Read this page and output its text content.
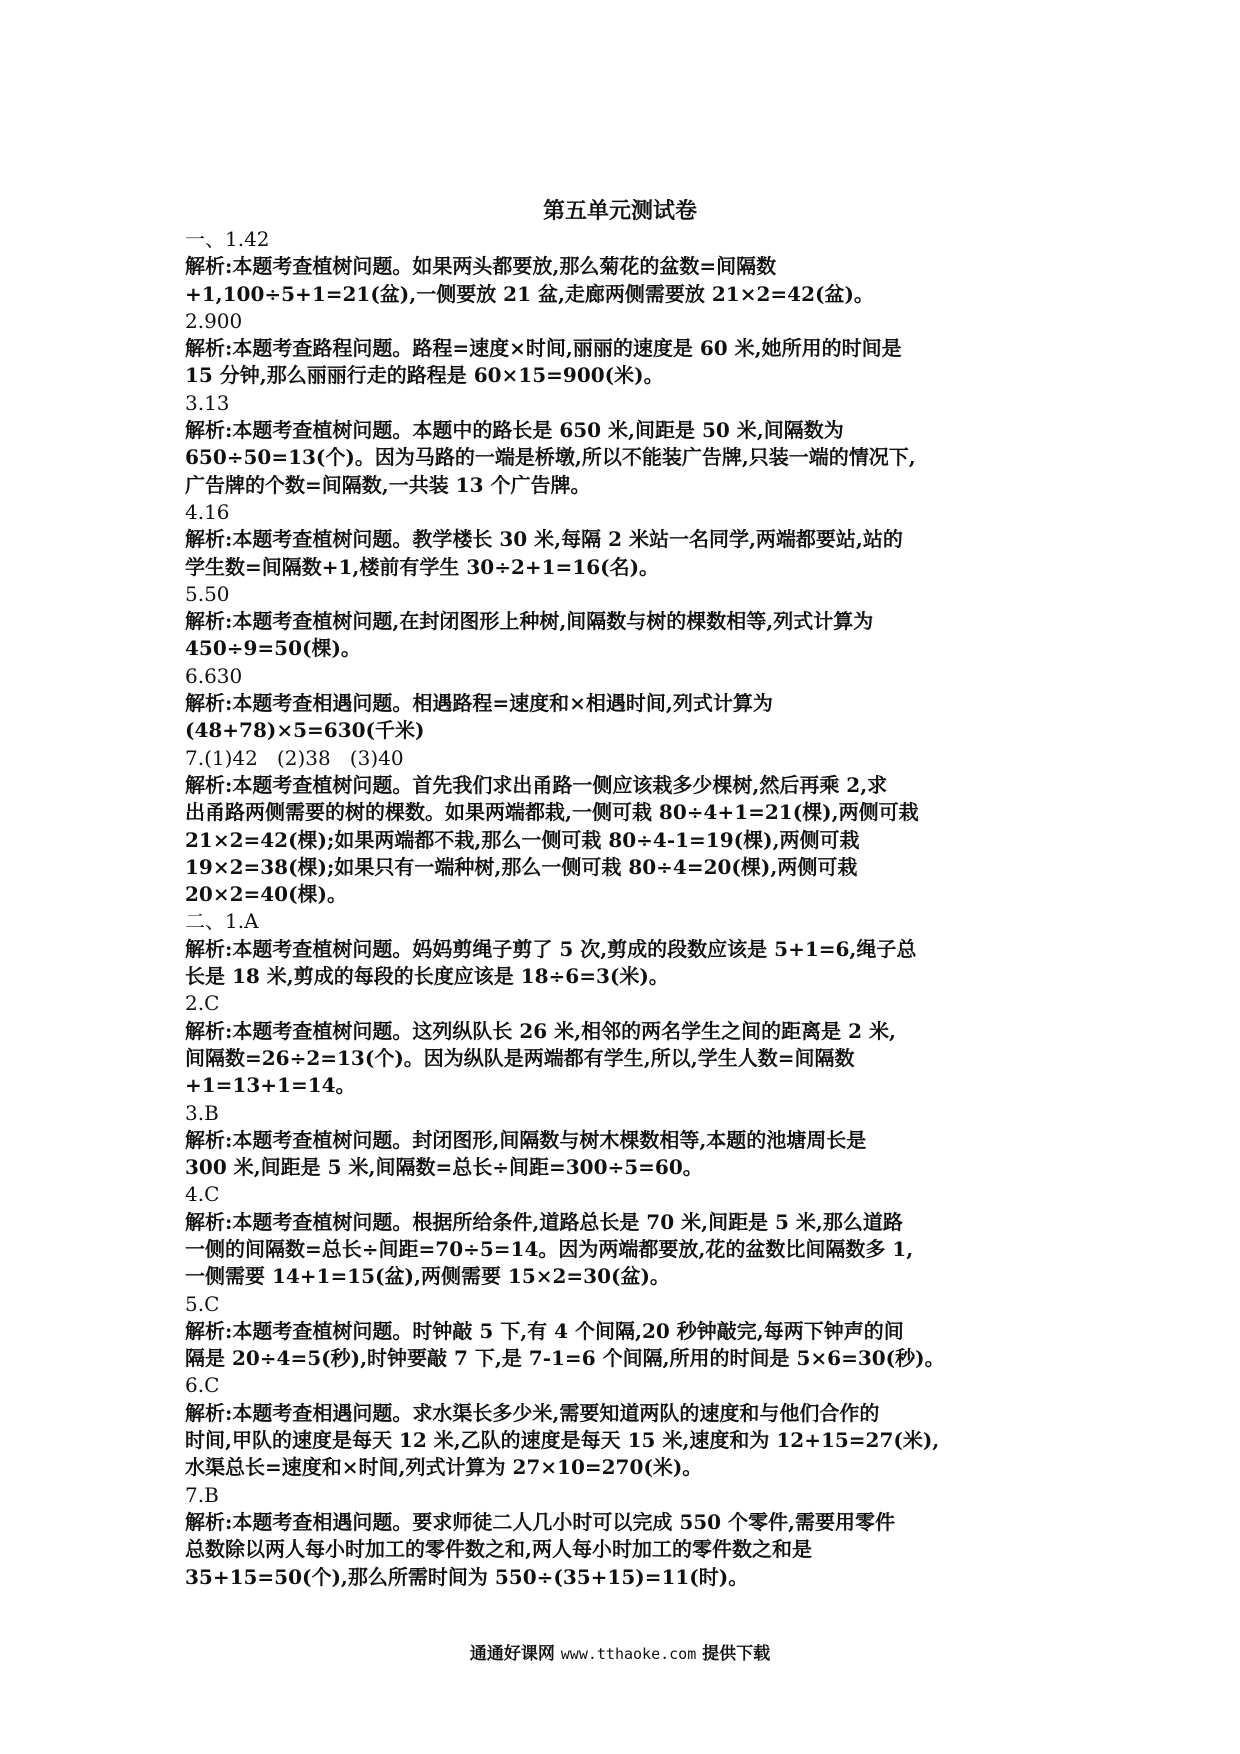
第五单元测试卷
一、1.42
解析:本题考查植树问题。如果两头都要放,那么菊花的盆数=间隔数
+1,100÷5+1=21(盆),一侧要放 21 盆,走廊两侧需要放 21×2=42(盆)。
2.900
解析:本题考查路程问题。路程=速度×时间,丽丽的速度是 60 米,她所用的时间是
15 分钟,那么丽丽行走的路程是 60×15=900(米)。
3.13
解析:本题考查植树问题。本题中的路长是 650 米,间距是 50 米,间隔数为
650÷50=13(个)。因为马路的一端是桥墩,所以不能装广告牌,只装一端的情况下,
广告牌的个数=间隔数,一共装 13 个广告牌。
4.16
解析:本题考查植树问题。教学楼长 30 米,每隔 2 米站一名同学,两端都要站,站的
学生数=间隔数+1,楼前有学生 30÷2+1=16(名)。
5.50
解析:本题考查植树问题,在封闭图形上种树,间隔数与树的棵数相等,列式计算为
450÷9=50(棵)。
6.630
解析:本题考查相遇问题。相遇路程=速度和×相遇时间,列式计算为
(48+78)×5=630(千米)
7.(1)42   (2)38   (3)40
解析:本题考查植树问题。首先我们求出甬路一侧应该栽多少棵树,然后再乘 2,求
出甬路两侧需要的树的棵数。如果两端都栽,一侧可栽 80÷4+1=21(棵),两侧可栽
21×2=42(棵);如果两端都不栽,那么一侧可栽 80÷4-1=19(棵),两侧可栽
19×2=38(棵);如果只有一端种树,那么一侧可栽 80÷4=20(棵),两侧可栽
20×2=40(棵)。
二、1.A
解析:本题考查植树问题。妈妈剪绳子剪了 5 次,剪成的段数应该是 5+1=6,绳子总
长是 18 米,剪成的每段的长度应该是 18÷6=3(米)。
2.C
解析:本题考查植树问题。这列纵队长 26 米,相邻的两名学生之间的距离是 2 米,
间隔数=26÷2=13(个)。因为纵队是两端都有学生,所以,学生人数=间隔数
+1=13+1=14。
3.B
解析:本题考查植树问题。封闭图形,间隔数与树木棵数相等,本题的池塘周长是
300 米,间距是 5 米,间隔数=总长÷间距=300÷5=60。
4.C
解析:本题考查植树问题。根据所给条件,道路总长是 70 米,间距是 5 米,那么道路
一侧的间隔数=总长÷间距=70÷5=14。因为两端都要放,花的盆数比间隔数多 1,
一侧需要 14+1=15(盆),两侧需要 15×2=30(盆)。
5.C
解析:本题考查植树问题。时钟敲 5 下,有 4 个间隔,20 秒钟敲完,每两下钟声的间
隔是 20÷4=5(秒),时钟要敲 7 下,是 7-1=6 个间隔,所用的时间是 5×6=30(秒)。
6.C
解析:本题考查相遇问题。求水渠长多少米,需要知道两队的速度和与他们合作的
时间,甲队的速度是每天 12 米,乙队的速度是每天 15 米,速度和为 12+15=27(米),
水渠总长=速度和×时间,列式计算为 27×10=270(米)。
7.B
解析:本题考查相遇问题。要求师徒二人几小时可以完成 550 个零件,需要用零件
总数除以两人每小时加工的零件数之和,两人每小时加工的零件数之和是
35+15=50(个),那么所需时间为 550÷(35+15)=11(时)。
通通好课网 www.tthaoke.com 提供下载
